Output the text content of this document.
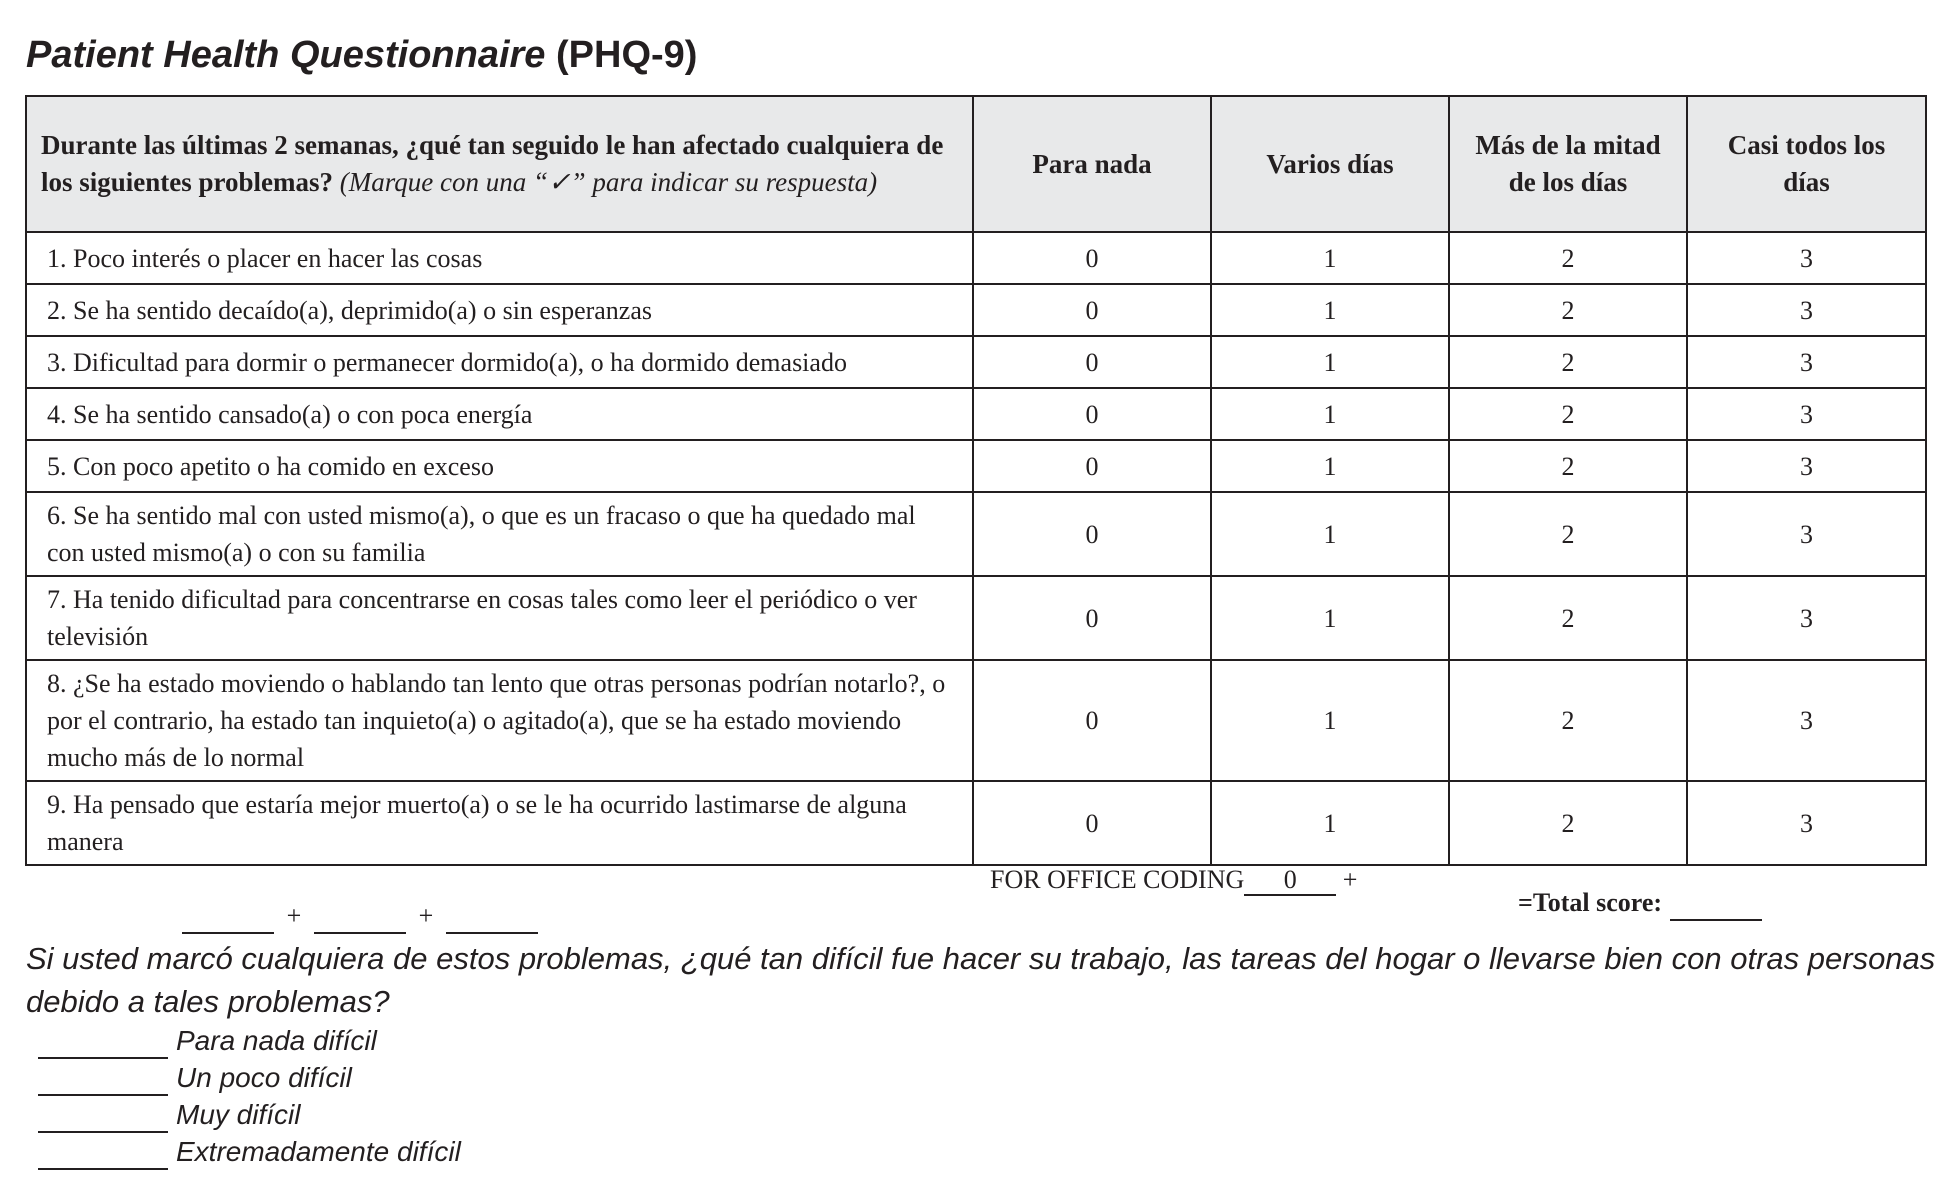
Patient Health Questionnaire (PHQ-9)
Durante las últimas 2 semanas, ¿qué tan seguido le han afectado cualquiera de los siguientes problemas? (Marque con una “✓” para indicar su respuesta)	Para nada	Varios días	Más de la mitad de los días	Casi todos los días
1. Poco interés o placer en hacer las cosas	0	1	2	3
2. Se ha sentido decaído(a), deprimido(a) o sin esperanzas	0	1	2	3
3. Dificultad para dormir o permanecer dormido(a), o ha dormido demasiado	0	1	2	3
4. Se ha sentido cansado(a) o con poca energía	0	1	2	3
5. Con poco apetito o ha comido en exceso	0	1	2	3
6. Se ha sentido mal con usted mismo(a), o que es un fracaso o que ha quedado mal con usted mismo(a) o con su familia	0	1	2	3
7. Ha tenido dificultad para concentrarse en cosas tales como leer el periódico o ver televisión	0	1	2	3
8. ¿Se ha estado moviendo o hablando tan lento que otras personas podrían notarlo?, o por el contrario, ha estado tan inquieto(a) o agitado(a), que se ha estado moviendo mucho más de lo normal	0	1	2	3
9. Ha pensado que estaría mejor muerto(a) o se le ha ocurrido lastimarse de alguna manera	0	1	2	3
FOR OFFICE CODING 0 +
+	+	=Total score:

Si usted marcó cualquiera de estos problemas, ¿qué tan difícil fue hacer su trabajo, las tareas del hogar o llevarse bien con otras personas debido a tales problemas?

Para nada difícil
Un poco difícil
Muy difícil
Extremadamente difícil
